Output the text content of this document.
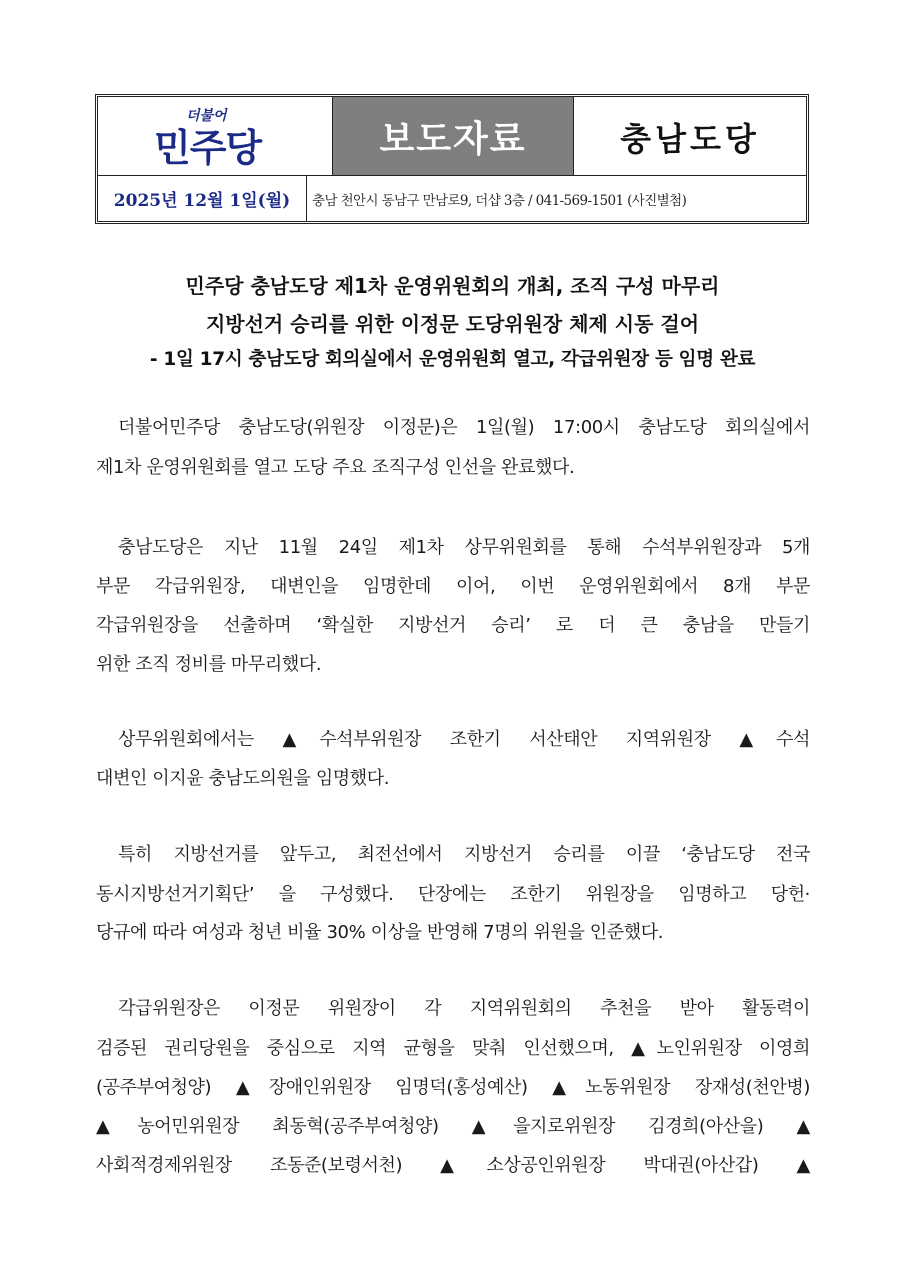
더불어
민주당	보도자료	충남도당
2025년 12월 1일(월)	충남 천안시 동남구 만남로9, 더샵 3층 / 041-569-1501 (사진별첨)
민주당 충남도당 제1차 운영위원회의 개최, 조직 구성 마무리
지방선거 승리를 위한 이정문 도당위원장 체제 시동 걸어
- 1일 17시 충남도당 회의실에서 운영위원회 열고, 각급위원장 등 임명 완료
더불어민주당 충남도당(위원장 이정문)은 1일(월) 17:00시 충남도당 회의실에서
제1차 운영위원회를 열고 도당 주요 조직구성 인선을 완료했다.
충남도당은 지난 11월 24일 제1차 상무위원회를 통해 수석부위원장과 5개
부문 각급위원장, 대변인을 임명한데 이어, 이번 운영위원회에서 8개 부문
각급위원장을 선출하며 ‘확실한 지방선거 승리’ 로 더 큰 충남을 만들기
위한 조직 정비를 마무리했다.
상무위원회에서는 ▲수석부위원장 조한기 서산태안 지역위원장 ▲수석
대변인 이지윤 충남도의원을 임명했다.
특히 지방선거를 앞두고, 최전선에서 지방선거 승리를 이끌 ‘충남도당 전국
동시지방선거기획단’ 을 구성했다. 단장에는 조한기 위원장을 임명하고 당헌·
당규에 따라 여성과 청년 비율 30% 이상을 반영해 7명의 위원을 인준했다.
각급위원장은 이정문 위원장이 각 지역위원회의 추천을 받아 활동력이
검증된 권리당원을 중심으로 지역 균형을 맞춰 인선했으며, ▲노인위원장 이영희
(공주부여청양) ▲장애인위원장 임명덕(홍성예산) ▲노동위원장 장재성(천안병)
▲농어민위원장 최동혁(공주부여청양) ▲을지로위원장 김경희(아산을) ▲
사회적경제위원장 조동준(보령서천) ▲소상공인위원장 박대권(아산갑) ▲
